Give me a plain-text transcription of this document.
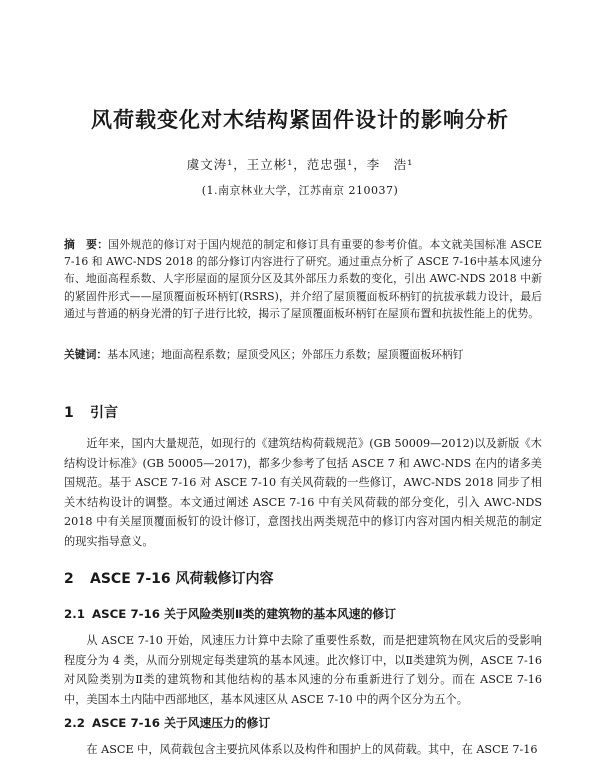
风荷载变化对木结构紧固件设计的影响分析
虞文涛¹，王立彬¹，范忠强¹，李　浩¹
(1.南京林业大学，江苏南京 210037)
摘　要：国外规范的修订对于国内规范的制定和修订具有重要的参考价值。本文就美国标准 ASCE 7-16 和 AWC-NDS 2018 的部分修订内容进行了研究。通过重点分析了 ASCE 7-16中基本风速分布、地面高程系数、人字形屋面的屋顶分区及其外部压力系数的变化，引出 AWC-NDS 2018 中新的紧固件形式——屋顶覆面板环柄钉(RSRS)，并介绍了屋顶覆面板环柄钉的抗拔承载力设计，最后通过与普通的柄身光滑的钉子进行比较，揭示了屋顶覆面板环柄钉在屋顶布置和抗拔性能上的优势。
关键词：基本风速；地面高程系数；屋顶受风区；外部压力系数；屋顶覆面板环柄钉
1 引言
近年来，国内大量规范，如现行的《建筑结构荷载规范》(GB 50009—2012)以及新版《木结构设计标准》(GB 50005—2017)，都多少参考了包括 ASCE 7 和 AWC-NDS 在内的诸多美国规范。基于 ASCE 7-16 对 ASCE 7-10 有关风荷载的一些修订，AWC-NDS 2018 同步了相关木结构设计的调整。本文通过阐述 ASCE 7-16 中有关风荷载的部分变化，引入 AWC-NDS 2018 中有关屋顶覆面板钉的设计修订，意图找出两类规范中的修订内容对国内相关规范的制定的现实指导意义。
2 ASCE 7-16 风荷载修订内容
2.1 ASCE 7-16 关于风险类别Ⅱ类的建筑物的基本风速的修订
从 ASCE 7-10 开始，风速压力计算中去除了重要性系数，而是把建筑物在风灾后的受影响程度分为 4 类，从而分别规定每类建筑的基本风速。此次修订中，以Ⅱ类建筑为例，ASCE 7-16 对风险类别为Ⅱ类的建筑物和其他结构的基本风速的分布重新进行了划分。而在 ASCE 7-16 中，美国本土内陆中西部地区，基本风速区从 ASCE 7-10 中的两个区分为五个。
2.2 ASCE 7-16 关于风速压力的修订
在 ASCE 中，风荷载包含主要抗风体系以及构件和围护上的风荷载。其中，在 ASCE 7-16
